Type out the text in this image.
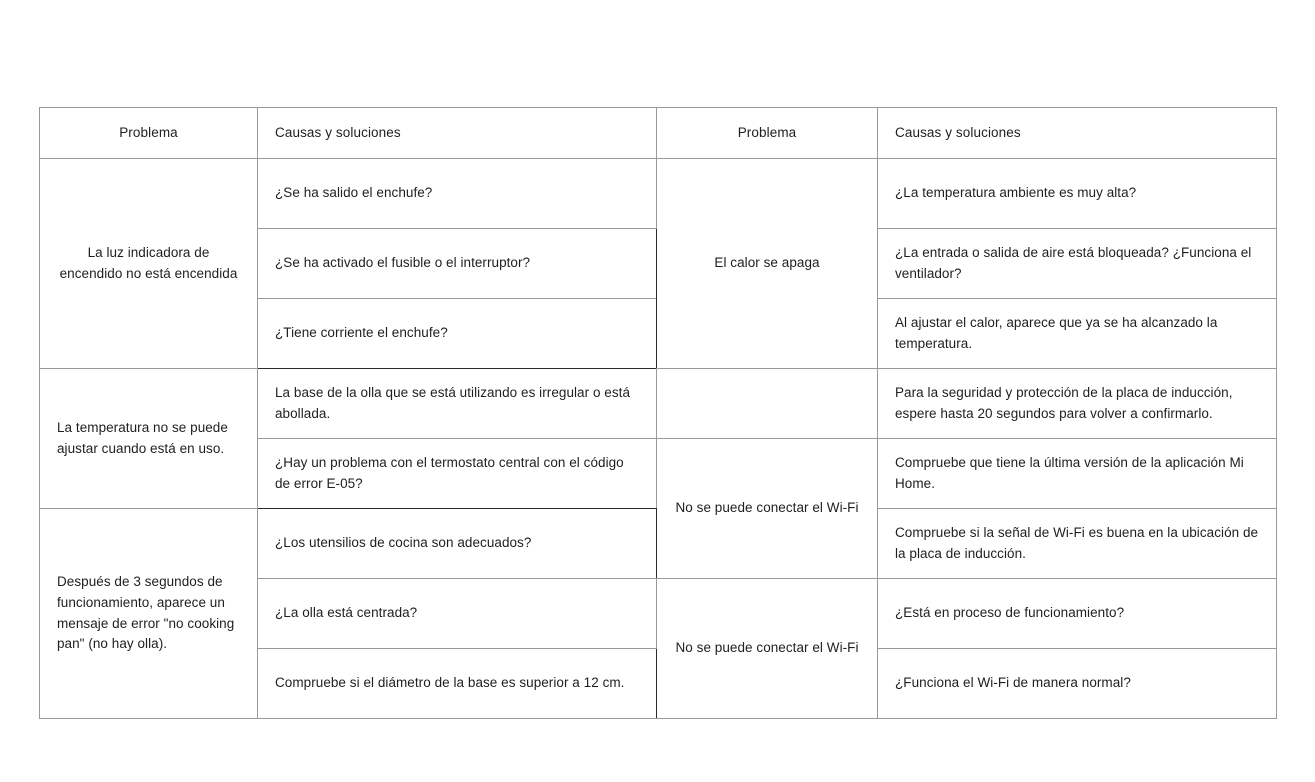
Problema	Causas y soluciones	Problema	Causas y soluciones

La luz indicadora de encendido no está encendida	¿Se ha salido el enchufe?	El calor se apaga	¿La temperatura ambiente es muy alta?

	¿Se ha activado el fusible o el interruptor?		¿La entrada o salida de aire está bloqueada? ¿Funciona el ventilador?

	¿Tiene corriente el enchufe?		Al ajustar el calor, aparece que ya se ha alcanzado la temperatura.

La temperatura no se puede ajustar cuando está en uso.	La base de la olla que se está utilizando es irregular o está abollada.		Para la seguridad y protección de la placa de inducción, espere hasta 20 segundos para volver a confirmarlo.

	¿Hay un problema con el termostato central con el código de error E-05?	No se puede conectar el Wi-Fi	Compruebe que tiene la última versión de la aplicación Mi Home.

Después de 3 segundos de funcionamiento, aparece un mensaje de error "no cooking pan" (no hay olla).	¿Los utensilios de cocina son adecuados?		Compruebe si la señal de Wi-Fi es buena en la ubicación de la placa de inducción.

	¿La olla está centrada?	No se puede conectar el Wi-Fi	¿Está en proceso de funcionamiento?

	Compruebe si el diámetro de la base es superior a 12 cm.		¿Funciona el Wi-Fi de manera normal?
